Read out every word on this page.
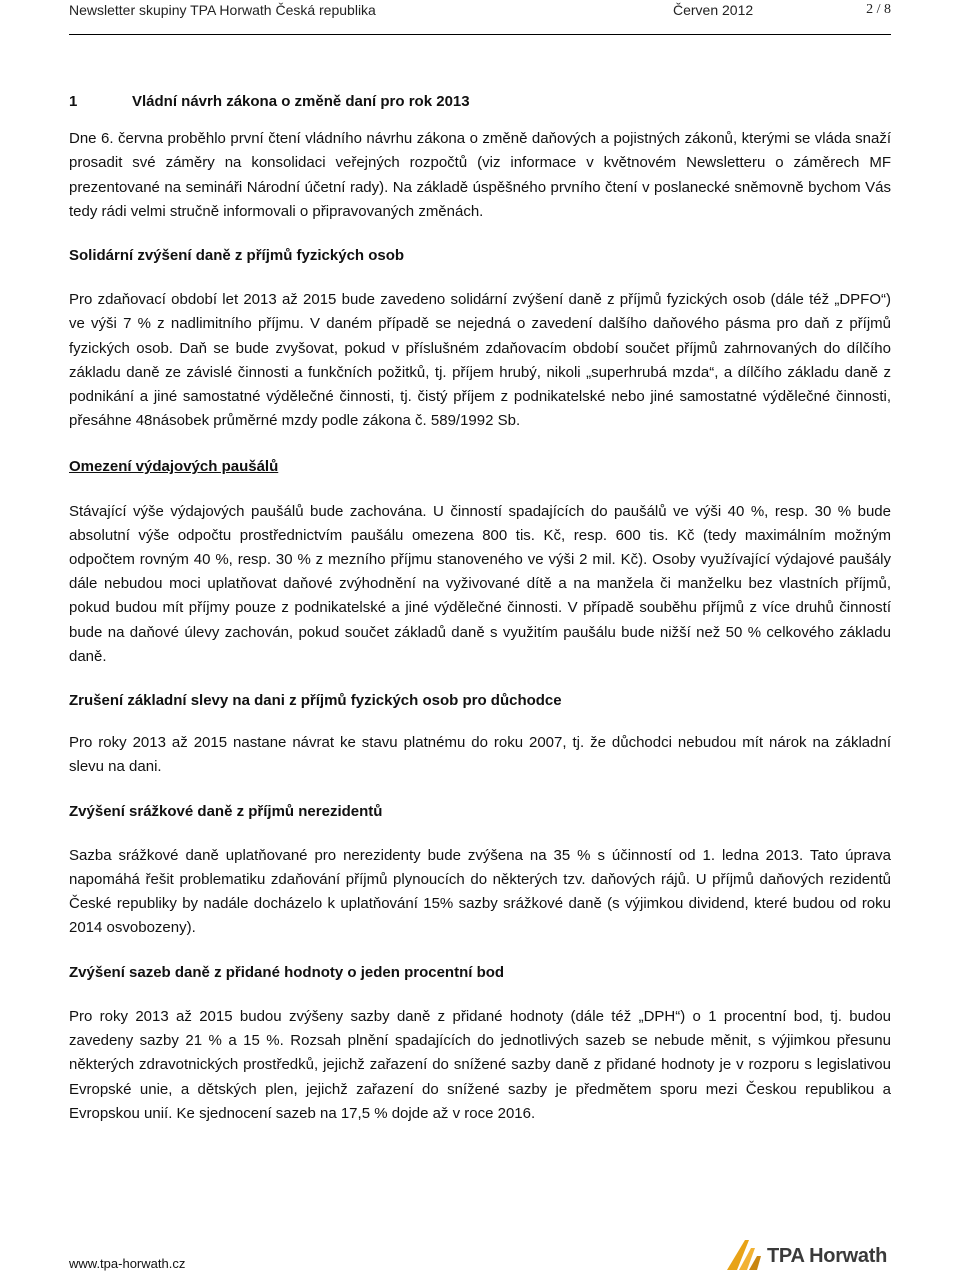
Newsletter skupiny TPA Horwath Česká republika	Červen 2012	2 / 8
1	Vládní návrh zákona o změně daní pro rok 2013

Dne 6. června proběhlo první čtení vládního návrhu zákona o změně daňových a pojistných zákonů, kterými se vláda snaží prosadit své záměry na konsolidaci veřejných rozpočtů (viz informace v květnovém Newsletteru o záměrech MF prezentované na semináři Národní účetní rady). Na základě úspěšného prvního čtení v poslanecké sněmovně bychom Vás tedy rádi velmi stručně informovali o připravovaných změnách.

Solidární zvýšení daně z příjmů fyzických osob

Pro zdaňovací období let 2013 až 2015 bude zavedeno solidární zvýšení daně z příjmů fyzických osob (dále též „DPFO“) ve výši 7 % z nadlimitního příjmu. V daném případě se nejedná o zavedení dalšího daňového pásma pro daň z příjmů fyzických osob. Daň se bude zvyšovat, pokud v příslušném zdaňovacím období součet příjmů zahrnovaných do dílčího základu daně ze závislé činnosti a funkčních požitků, tj. příjem hrubý, nikoli „superhrubá mzda“, a dílčího základu daně z podnikání a jiné samostatné výdělečné činnosti, tj. čistý příjem z podnikatelské nebo jiné samostatné výdělečné činnosti, přesáhne 48násobek průměrné mzdy podle zákona č. 589/1992 Sb.

Omezení výdajových paušálů

Stávající výše výdajových paušálů bude zachována. U činností spadajících do paušálů ve výši 40 %, resp. 30 % bude absolutní výše odpočtu prostřednictvím paušálu omezena 800 tis. Kč, resp. 600 tis. Kč (tedy maximálním možným odpočtem rovným 40 %, resp. 30 % z mezního příjmu stanoveného ve výši 2 mil. Kč). Osoby využívající výdajové paušály dále nebudou moci uplatňovat daňové zvýhodnění na vyživované dítě a na manžela či manželku bez vlastních příjmů, pokud budou mít příjmy pouze z podnikatelské a jiné výdělečné činnosti. V případě souběhu příjmů z více druhů činností bude na daňové úlevy zachován, pokud součet základů daně s využitím paušálu bude nižší než 50 % celkového základu daně.

Zrušení základní slevy na dani z příjmů fyzických osob pro důchodce

Pro roky 2013 až 2015 nastane návrat ke stavu platnému do roku 2007, tj. že důchodci nebudou mít nárok na základní slevu na dani.

Zvýšení srážkové daně z příjmů nerezidentů

Sazba srážkové daně uplatňované pro nerezidenty bude zvýšena na 35 % s účinností od 1. ledna 2013. Tato úprava napomáhá řešit problematiku zdaňování příjmů plynoucích do některých tzv. daňových rájů. U příjmů daňových rezidentů České republiky by nadále docházelo k uplatňování 15% sazby srážkové daně (s výjimkou dividend, které budou od roku 2014 osvobozeny).

Zvýšení sazeb daně z přidané hodnoty o jeden procentní bod

Pro roky 2013 až 2015 budou zvýšeny sazby daně z přidané hodnoty (dále též „DPH“) o 1 procentní bod, tj. budou zavedeny sazby 21 % a 15 %. Rozsah plnění spadajících do jednotlivých sazeb se nebude měnit, s výjimkou přesunu některých zdravotnických prostředků, jejichž zařazení do snížené sazby daně z přidané hodnoty je v rozporu s legislativou Evropské unie, a dětských plen, jejichž zařazení do snížené sazby je předmětem sporu mezi Českou republikou a Evropskou unií. Ke sjednocení sazeb na 17,5 % dojde až v roce 2016.

www.tpa-horwath.cz	TPA Horwath
